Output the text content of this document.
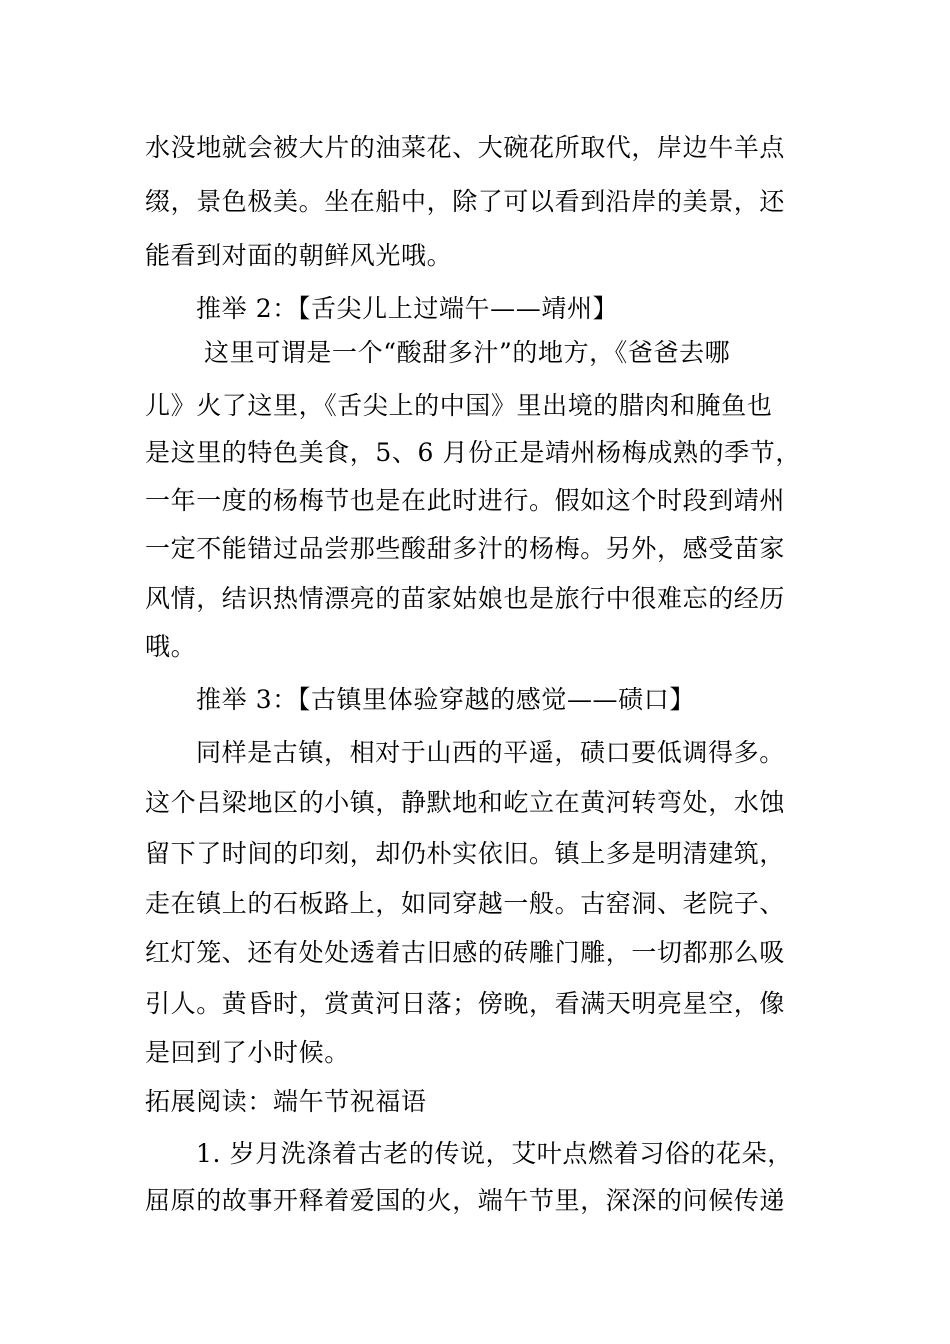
水没地就会被大片的油菜花、大碗花所取代，岸边牛羊点
缀，景色极美。坐在船中，除了可以看到沿岸的美景，还
能看到对面的朝鲜风光哦。
推举 2：【舌尖儿上过端午——靖州】
这里可谓是一个“酸甜多汁”的地方，《爸爸去哪
儿》火了这里，《舌尖上的中国》里出境的腊肉和腌鱼也
是这里的特色美食，5、6 月份正是靖州杨梅成熟的季节，
一年一度的杨梅节也是在此时进行。假如这个时段到靖州
一定不能错过品尝那些酸甜多汁的杨梅。另外，感受苗家
风情，结识热情漂亮的苗家姑娘也是旅行中很难忘的经历
哦。
推举 3：【古镇里体验穿越的感觉——碛口】
同样是古镇，相对于山西的平遥，碛口要低调得多。
这个吕梁地区的小镇，静默地和屹立在黄河转弯处，水蚀
留下了时间的印刻，却仍朴实依旧。镇上多是明清建筑，
走在镇上的石板路上，如同穿越一般。古窑洞、老院子、
红灯笼、还有处处透着古旧感的砖雕门雕，一切都那么吸
引人。黄昏时，赏黄河日落；傍晚，看满天明亮星空，像
是回到了小时候。
拓展阅读：端午节祝福语
1. 岁月洗涤着古老的传说，艾叶点燃着习俗的花朵，
屈原的故事开释着爱国的火，端午节里，深深的问候传递
